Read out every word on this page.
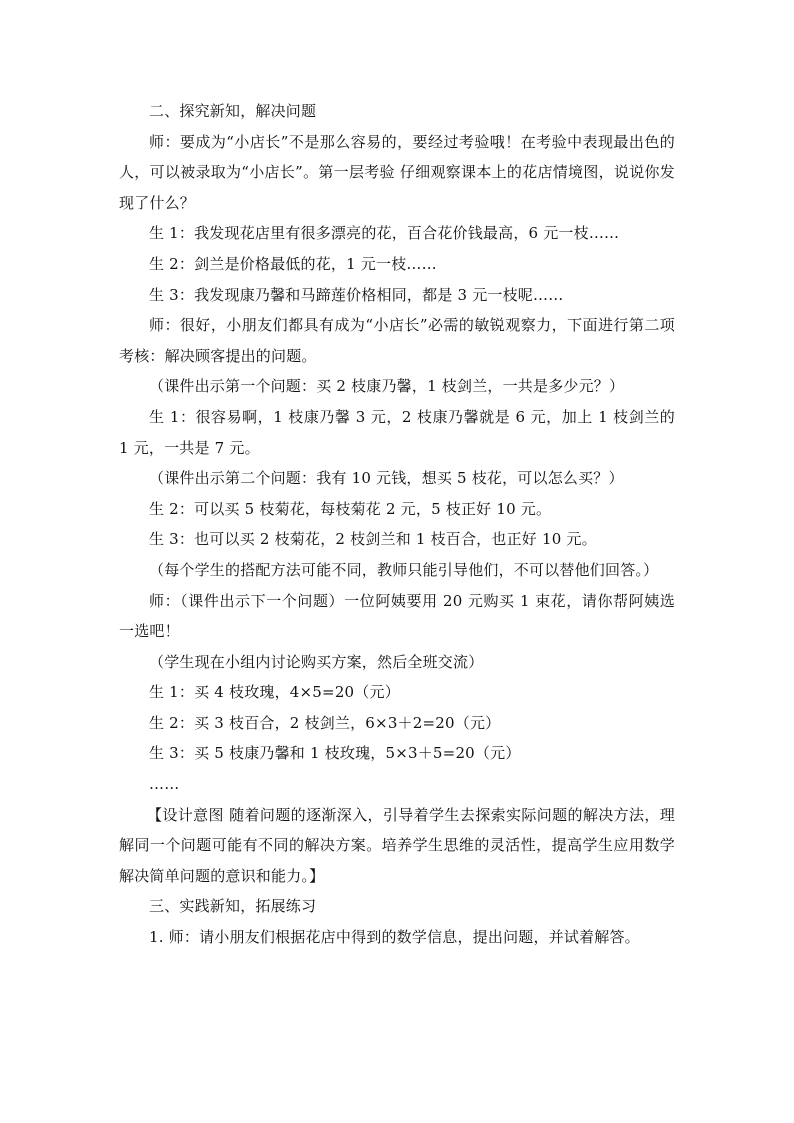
二、探究新知，解决问题

师：要成为“小店长”不是那么容易的，要经过考验哦！在考验中表现最出色的人，可以被录取为“小店长”。第一层考验 仔细观察课本上的花店情境图，说说你发现了什么？

生 1：我发现花店里有很多漂亮的花，百合花价钱最高，6 元一枝……

生 2：剑兰是价格最低的花，1 元一枝……

生 3：我发现康乃馨和马蹄莲价格相同，都是 3 元一枝呢……

师：很好，小朋友们都具有成为“小店长”必需的敏锐观察力，下面进行第二项考核：解决顾客提出的问题。

（课件出示第一个问题：买 2 枝康乃馨，1 枝剑兰，一共是多少元？）

生 1：很容易啊，1 枝康乃馨 3 元，2 枝康乃馨就是 6 元，加上 1 枝剑兰的 1 元，一共是 7 元。

（课件出示第二个问题：我有 10 元钱，想买 5 枝花，可以怎么买？）

生 2：可以买 5 枝菊花，每枝菊花 2 元，5 枝正好 10 元。

生 3：也可以买 2 枝菊花，2 枝剑兰和 1 枝百合，也正好 10 元。

（每个学生的搭配方法可能不同，教师只能引导他们，不可以替他们回答。）

师：（课件出示下一个问题）一位阿姨要用 20 元购买 1 束花，请你帮阿姨选一选吧！

（学生现在小组内讨论购买方案，然后全班交流）

生 1：买 4 枝玫瑰，4×5=20（元）

生 2：买 3 枝百合，2 枝剑兰，6×3＋2=20（元）

生 3：买 5 枝康乃馨和 1 枝玫瑰，5×3＋5=20（元）

……

【设计意图 随着问题的逐渐深入，引导着学生去探索实际问题的解决方法，理解同一个问题可能有不同的解决方案。培养学生思维的灵活性，提高学生应用数学解决简单问题的意识和能力。】

三、实践新知，拓展练习

1. 师：请小朋友们根据花店中得到的数学信息，提出问题，并试着解答。
